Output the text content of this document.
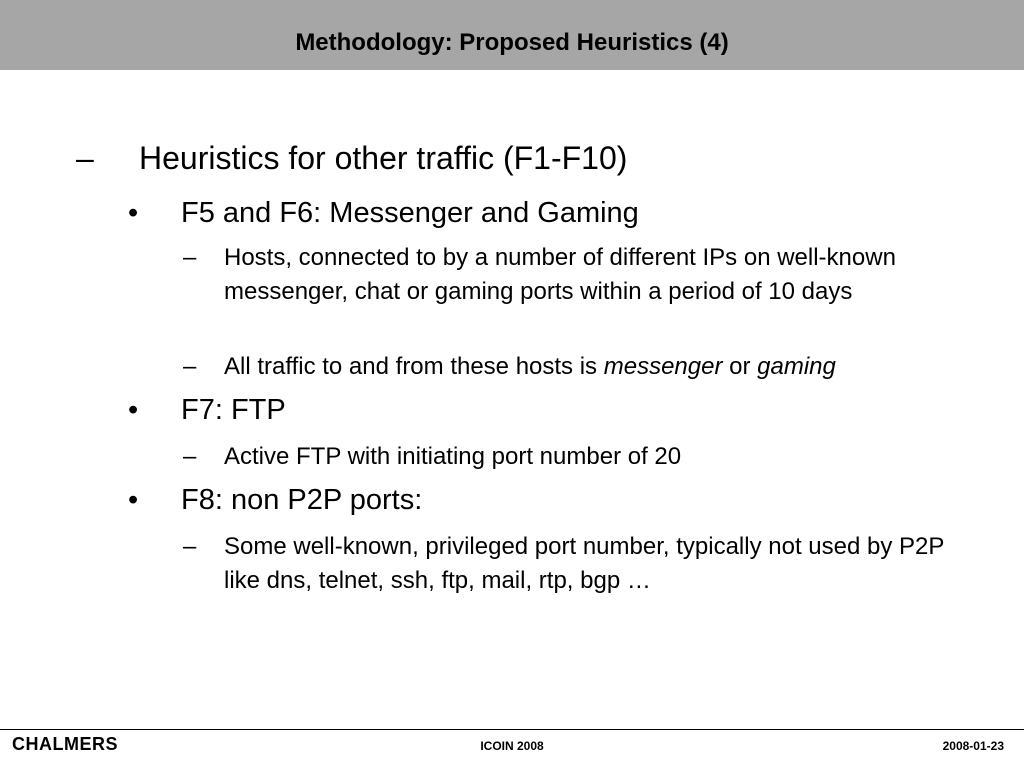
Methodology: Proposed Heuristics (4)
– Heuristics for other traffic (F1-F10)
• F5 and F6: Messenger and Gaming
– Hosts, connected to by a number of different IPs on well-known messenger, chat or gaming ports within a period of 10 days
– All traffic to and from these hosts is messenger or gaming
• F7: FTP
– Active FTP with initiating port number of 20
• F8: non P2P ports:
– Some well-known, privileged port number, typically not used by P2P like dns, telnet, ssh, ftp, mail, rtp, bgp …
CHALMERS	ICOIN 2008	2008-01-23
